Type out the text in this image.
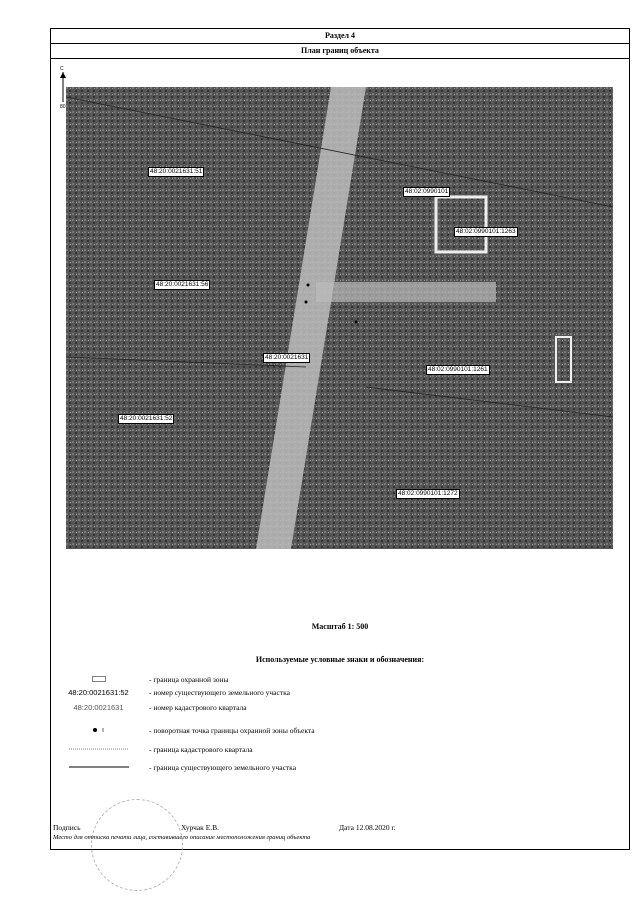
Раздел 4
План границ объекта
С
80
48:20:0021631:51
48:02:0990101
48:02:0990101:1263
48:20:0021631:56
48:20:0021631
48:02:0990101:1261
48:20:0021631:52
48:02:0990101:1272
Масштаб 1: 500
Используемые условные знаки и обозначения:
- граница охранной зоны
48:20:0021631:52	- номер существующего земельного участка
48:20:0021631	- номер кадастрового квартала
- поворотная точка границы охранной зоны объекта
- граница кадастрового квартала
- граница существующего земельного участка
Подпись	Хурчак Е.В.	Дата 12.08.2020 г.
Место для оттиска печати лица, составившего описание местоположения границ объекта
